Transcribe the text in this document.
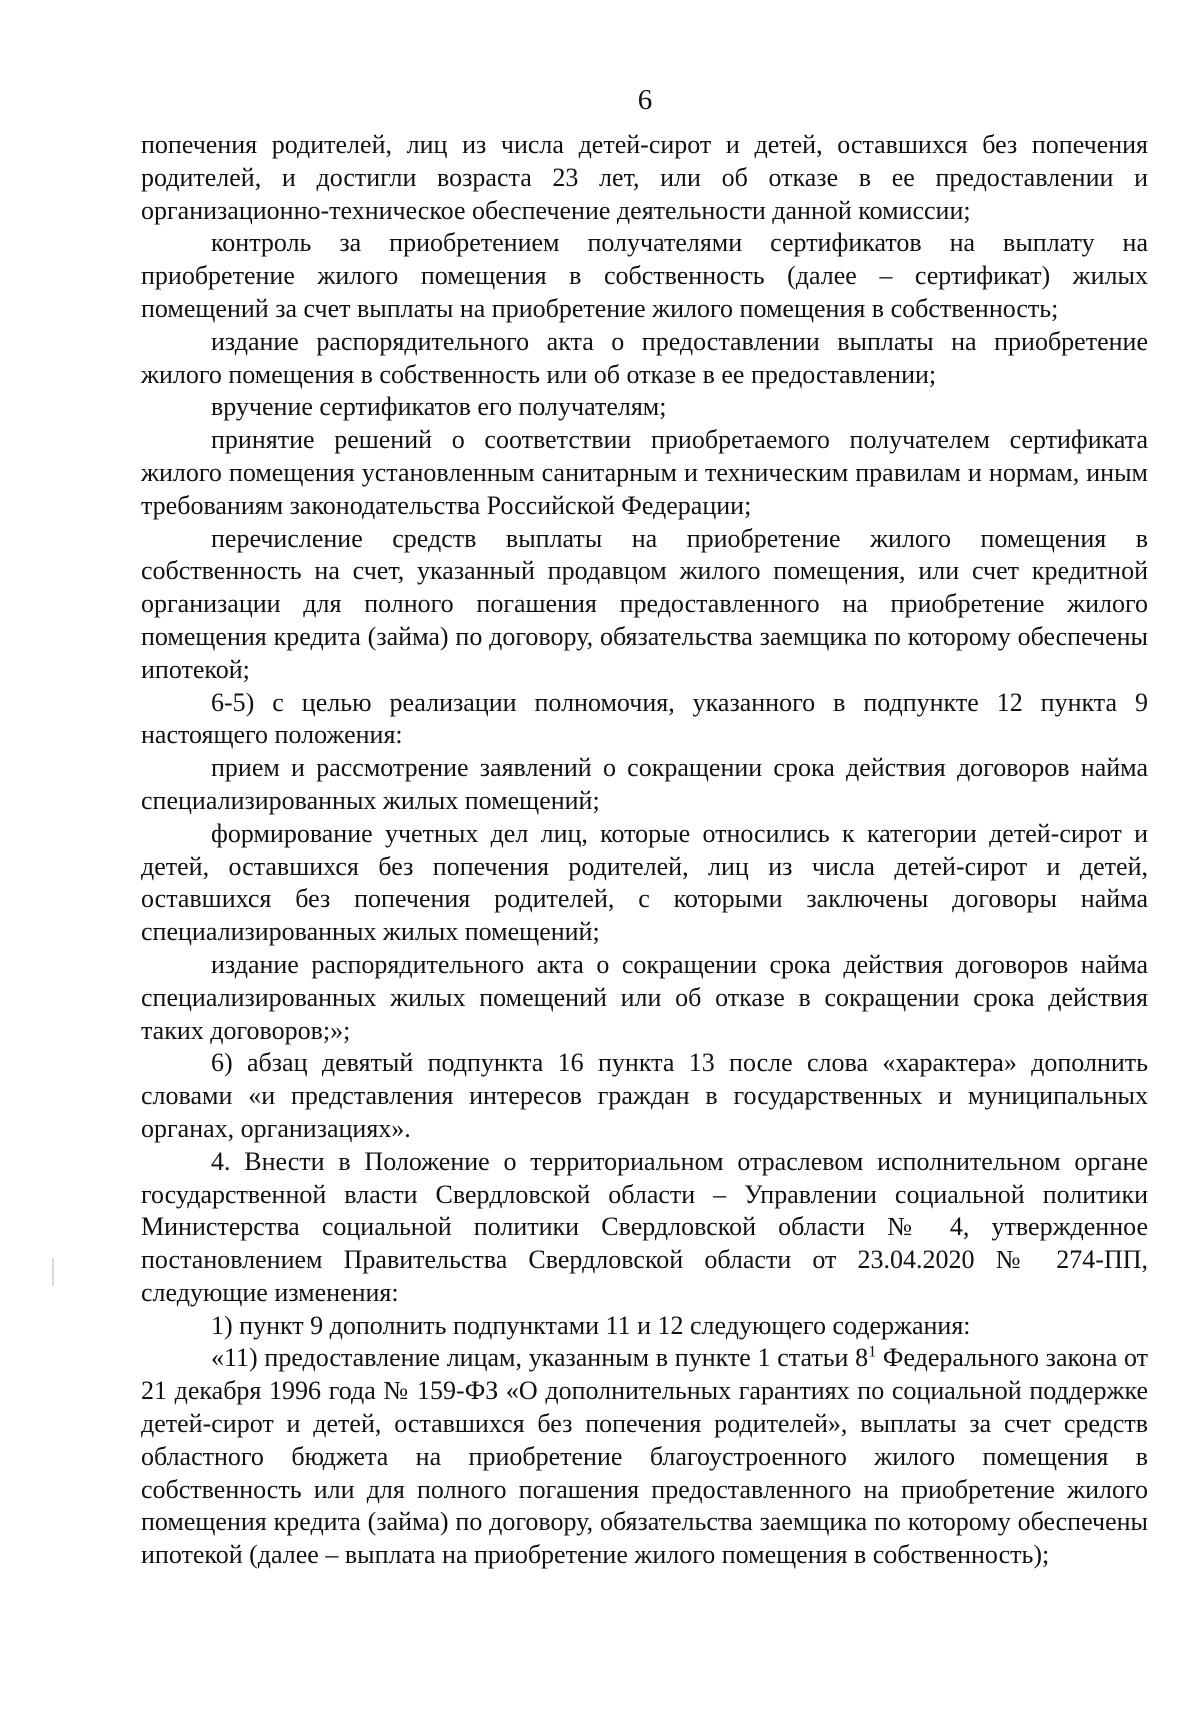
6

попечения родителей, лиц из числа детей-сирот и детей, оставшихся без попечения родителей, и достигли возраста 23 лет, или об отказе в ее предоставлении и организационно-техническое обеспечение деятельности данной комиссии;

контроль за приобретением получателями сертификатов на выплату на приобретение жилого помещения в собственность (далее – сертификат) жилых помещений за счет выплаты на приобретение жилого помещения в собственность;

издание распорядительного акта о предоставлении выплаты на приобретение жилого помещения в собственность или об отказе в ее предоставлении;

вручение сертификатов его получателям;

принятие решений о соответствии приобретаемого получателем сертификата жилого помещения установленным санитарным и техническим правилам и нормам, иным требованиям законодательства Российской Федерации;

перечисление средств выплаты на приобретение жилого помещения в собственность на счет, указанный продавцом жилого помещения, или счет кредитной организации для полного погашения предоставленного на приобретение жилого помещения кредита (займа) по договору, обязательства заемщика по которому обеспечены ипотекой;

6-5) с целью реализации полномочия, указанного в подпункте 12 пункта 9 настоящего положения:

прием и рассмотрение заявлений о сокращении срока действия договоров найма специализированных жилых помещений;

формирование учетных дел лиц, которые относились к категории детей-сирот и детей, оставшихся без попечения родителей, лиц из числа детей-сирот и детей, оставшихся без попечения родителей, с которыми заключены договоры найма специализированных жилых помещений;

издание распорядительного акта о сокращении срока действия договоров найма специализированных жилых помещений или об отказе в сокращении срока действия таких договоров;»;

6) абзац девятый подпункта 16 пункта 13 после слова «характера» дополнить словами «и представления интересов граждан в государственных и муниципальных органах, организациях».

4. Внести в Положение о территориальном отраслевом исполнительном органе государственной власти Свердловской области – Управлении социальной политики Министерства социальной политики Свердловской области № 4, утвержденное постановлением Правительства Свердловской области от 23.04.2020 № 274-ПП, следующие изменения:

1) пункт 9 дополнить подпунктами 11 и 12 следующего содержания:

«11) предоставление лицам, указанным в пункте 1 статьи $8^1$ Федерального закона от 21 декабря 1996 года № 159-ФЗ «О дополнительных гарантиях по социальной поддержке детей-сирот и детей, оставшихся без попечения родителей», выплаты за счет средств областного бюджета на приобретение благоустроенного жилого помещения в собственность или для полного погашения предоставленного на приобретение жилого помещения кредита (займа) по договору, обязательства заемщика по которому обеспечены ипотекой (далее – выплата на приобретение жилого помещения в собственность);
